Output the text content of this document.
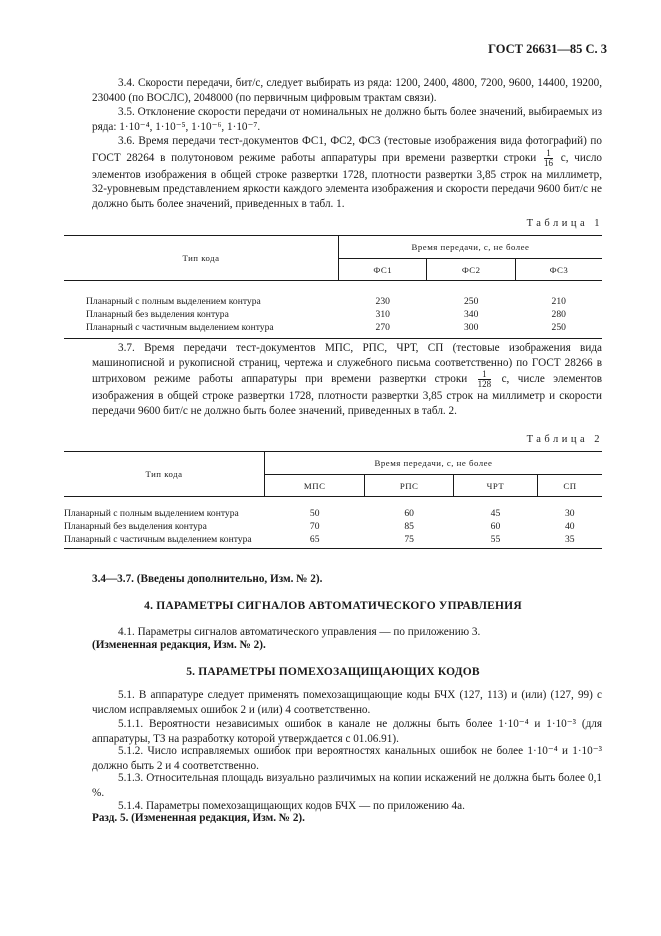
ГОСТ 26631—85 С. 3

3.4. Скорости передачи, бит/с, следует выбирать из ряда: 1200, 2400, 4800, 7200, 9600, 14400, 19200, 230400 (по ВОСЛС), 2048000 (по первичным цифровым трактам связи).

3.5. Отклонение скорости передачи от номинальных не должно быть более значений, выбираемых из ряда: 1·10⁻⁴, 1·10⁻⁵, 1·10⁻⁶, 1·10⁻⁷.

3.6. Время передачи тест-документов ФС1, ФС2, ФС3 (тестовые изображения вида фотографий) по ГОСТ 28264 в полутоновом режиме работы аппаратуры при времени развертки строки $\frac{1}{16} с$, число элементов изображения в общей строке развертки 1728, плотности развертки 3,85 строк на миллиметр, 32-уровневым представлением яркости каждого элемента изображения и скорости передачи 9600 бит/с не должно быть более значений, приведенных в табл. 1.

Таблица 1
Тип кода	Время передачи, с, не более		
	ФС1	ФС2	ФС3

Планарный с полным выделением контура	230	250	210
Планарный без выделения контура	310	340	280
Планарный с частичным выделением контура	270	300	250

3.7. Время передачи тест-документов МПС, РПС, ЧРТ, СП (тестовые изображения вида машинописной и рукописной страниц, чертежа и служебного письма соответственно) по ГОСТ 28266 в штриховом режиме работы аппаратуры при времени развертки строки $\frac{1}{128} с$, числе элементов изображения в общей строке развертки 1728, плотности развертки 3,85 строк на миллиметр и скорости передачи 9600 бит/с не должно быть более значений, приведенных в табл. 2.

Таблица 2
Тип кода	Время передачи, с, не более			
	МПС	РПС	ЧРТ	СП

Планарный с полным выделением контура	50	60	45	30
Планарный без выделения контура	70	85	60	40
Планарный с частичным выделением контура	65	75	55	35

3.4—3.7. (Введены дополнительно, Изм. № 2).
4. ПАРАМЕТРЫ СИГНАЛОВ АВТОМАТИЧЕСКОГО УПРАВЛЕНИЯ

4.1. Параметры сигналов автоматического управления — по приложению 3.

(Измененная редакция, Изм. № 2).
5. ПАРАМЕТРЫ ПОМЕХОЗАЩИЩАЮЩИХ КОДОВ

5.1. В аппаратуре следует применять помехозащищающие коды БЧХ (127, 113) и (или) (127, 99) с числом исправляемых ошибок 2 и (или) 4 соответственно.

5.1.1. Вероятности независимых ошибок в канале не должны быть более 1·10⁻⁴ и 1·10⁻³ (для аппаратуры, ТЗ на разработку которой утверждается с 01.06.91).

5.1.2. Число исправляемых ошибок при вероятностях канальных ошибок не более 1·10⁻⁴ и 1·10⁻³ должно быть 2 и 4 соответственно.

5.1.3. Относительная площадь визуально различимых на копии искажений не должна быть более 0,1 %.

5.1.4. Параметры помехозащищающих кодов БЧХ — по приложению 4а.

Разд. 5. (Измененная редакция, Изм. № 2).
